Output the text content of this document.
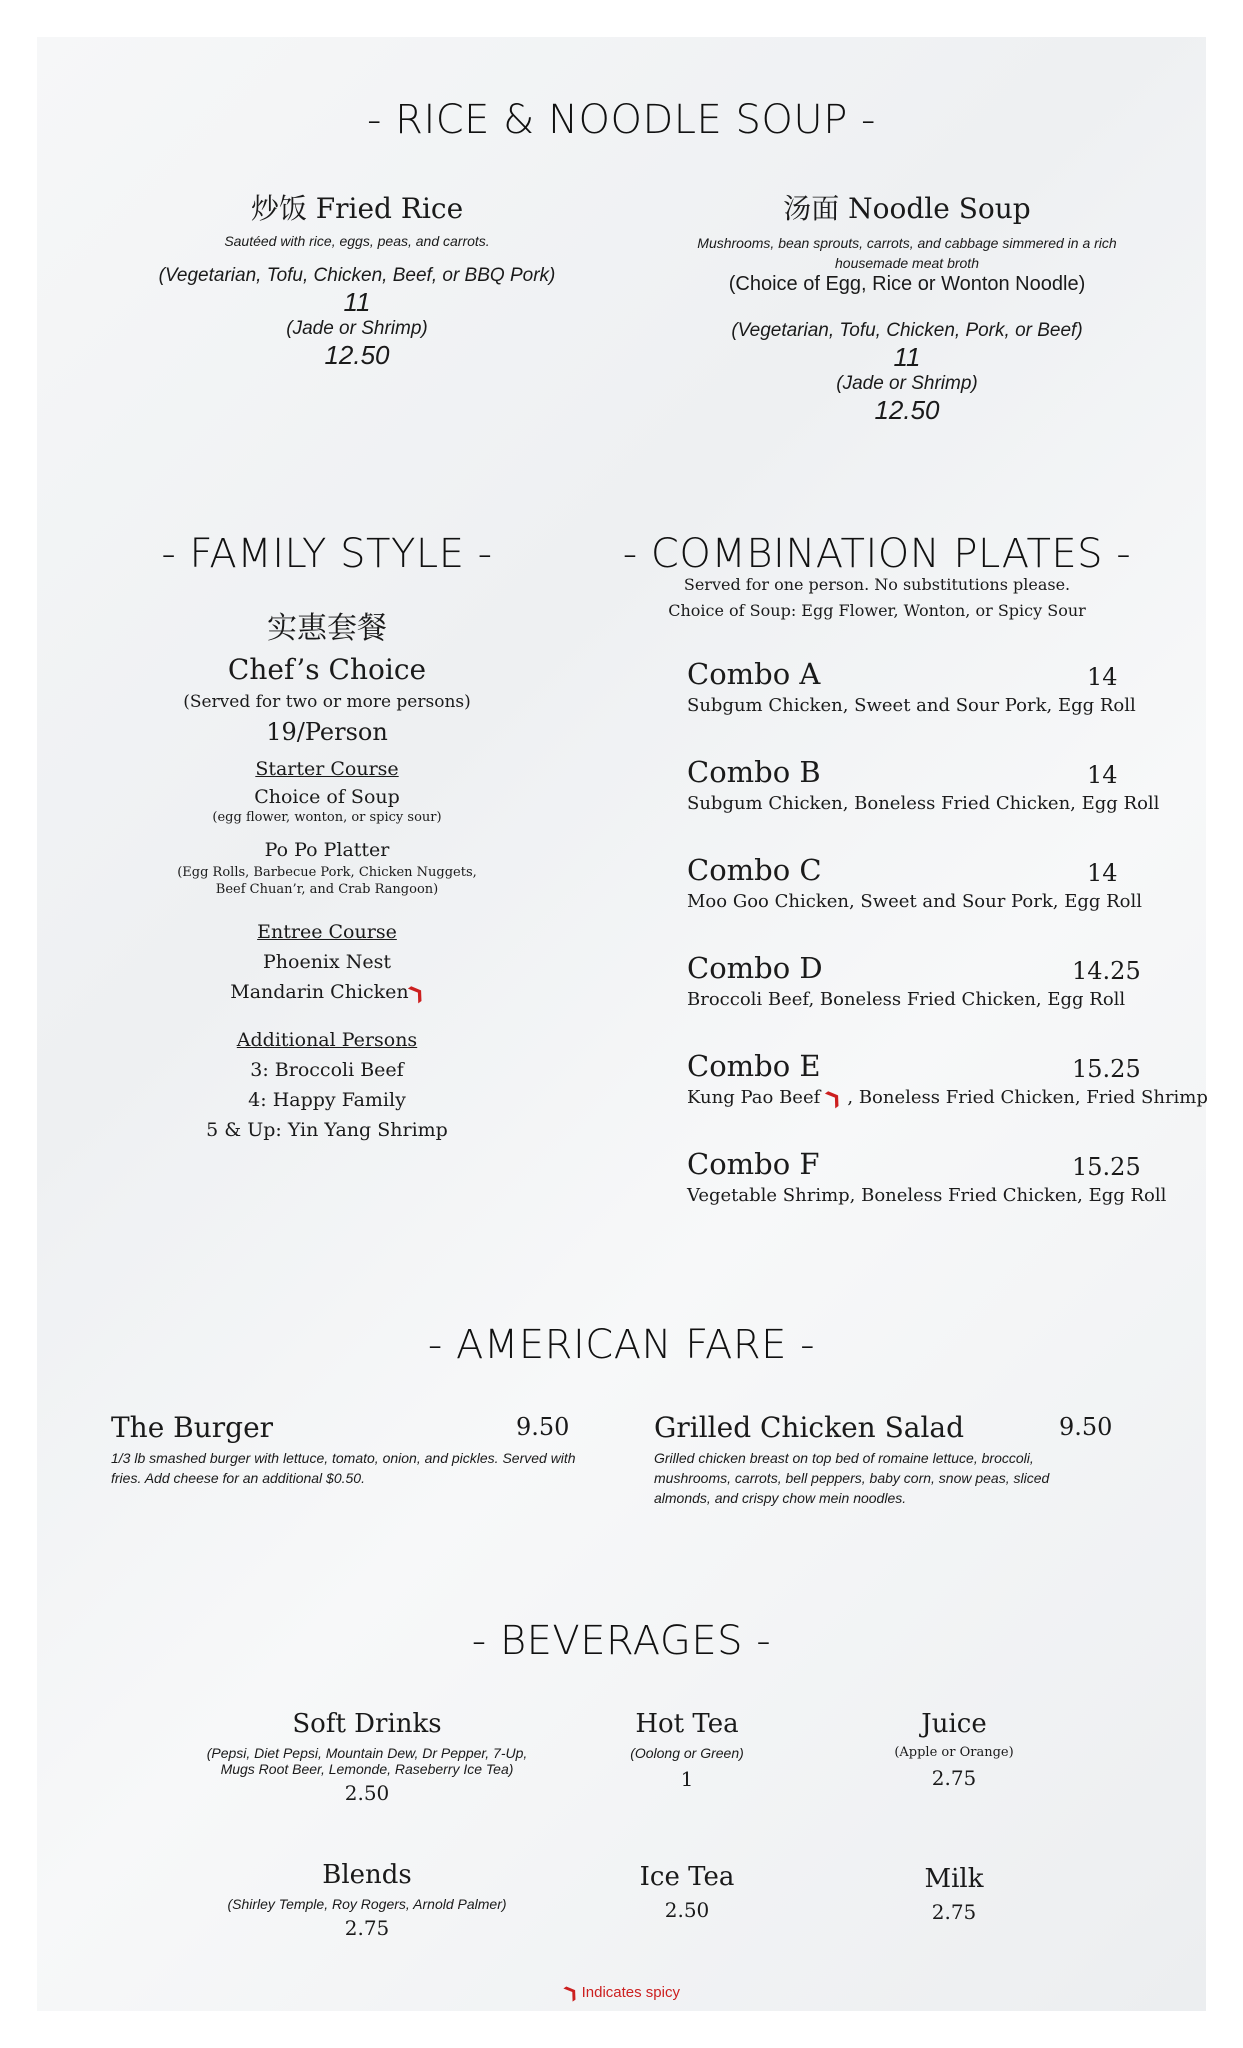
- RICE & NOODLE SOUP -
炒饭 Fried Rice
Sautéed with rice, eggs, peas, and carrots.
(Vegetarian, Tofu, Chicken, Beef, or BBQ Pork)
11
(Jade or Shrimp)
12.50
汤面 Noodle Soup
Mushrooms, bean sprouts, carrots, and cabbage simmered in a rich housemade meat broth
(Choice of Egg, Rice or Wonton Noodle)
(Vegetarian, Tofu, Chicken, Pork, or Beef)
11
(Jade or Shrimp)
12.50
- FAMILY STYLE -
实惠套餐
Chef’s Choice
(Served for two or more persons)
19/Person
Starter Course
Choice of Soup
(egg flower, wonton, or spicy sour)
Po Po Platter
(Egg Rolls, Barbecue Pork, Chicken Nuggets,
Beef Chuan’r, and Crab Rangoon)
Entree Course
Phoenix Nest
Mandarin Chicken❯
Additional Persons
3: Broccoli Beef
4: Happy Family
5 & Up: Yin Yang Shrimp
- COMBINATION PLATES -
Served for one person. No substitutions please.
Choice of Soup: Egg Flower, Wonton, or Spicy Sour
Combo A	14
Subgum Chicken, Sweet and Sour Pork, Egg Roll
Combo B	14
Subgum Chicken, Boneless Fried Chicken, Egg Roll
Combo C	14
Moo Goo Chicken, Sweet and Sour Pork, Egg Roll
Combo D	14.25
Broccoli Beef, Boneless Fried Chicken, Egg Roll
Combo E	15.25
Kung Pao Beef❯, Boneless Fried Chicken, Fried Shrimp
Combo F	15.25
Vegetable Shrimp, Boneless Fried Chicken, Egg Roll
- AMERICAN FARE -
The Burger	9.50
1/3 lb smashed burger with lettuce, tomato, onion, and pickles. Served with fries. Add cheese for an additional $0.50.
Grilled Chicken Salad	9.50
Grilled chicken breast on top bed of romaine lettuce, broccoli, mushrooms, carrots, bell peppers, baby corn, snow peas, sliced almonds, and crispy chow mein noodles.
- BEVERAGES -
Soft Drinks
(Pepsi, Diet Pepsi, Mountain Dew, Dr Pepper, 7-Up,
Mugs Root Beer, Lemonde, Raseberry Ice Tea)
2.50
Hot Tea
(Oolong or Green)
1
Juice
(Apple or Orange)
2.75
Blends
(Shirley Temple, Roy Rogers, Arnold Palmer)
2.75
Ice Tea
2.50
Milk
2.75
❯ Indicates spicy
